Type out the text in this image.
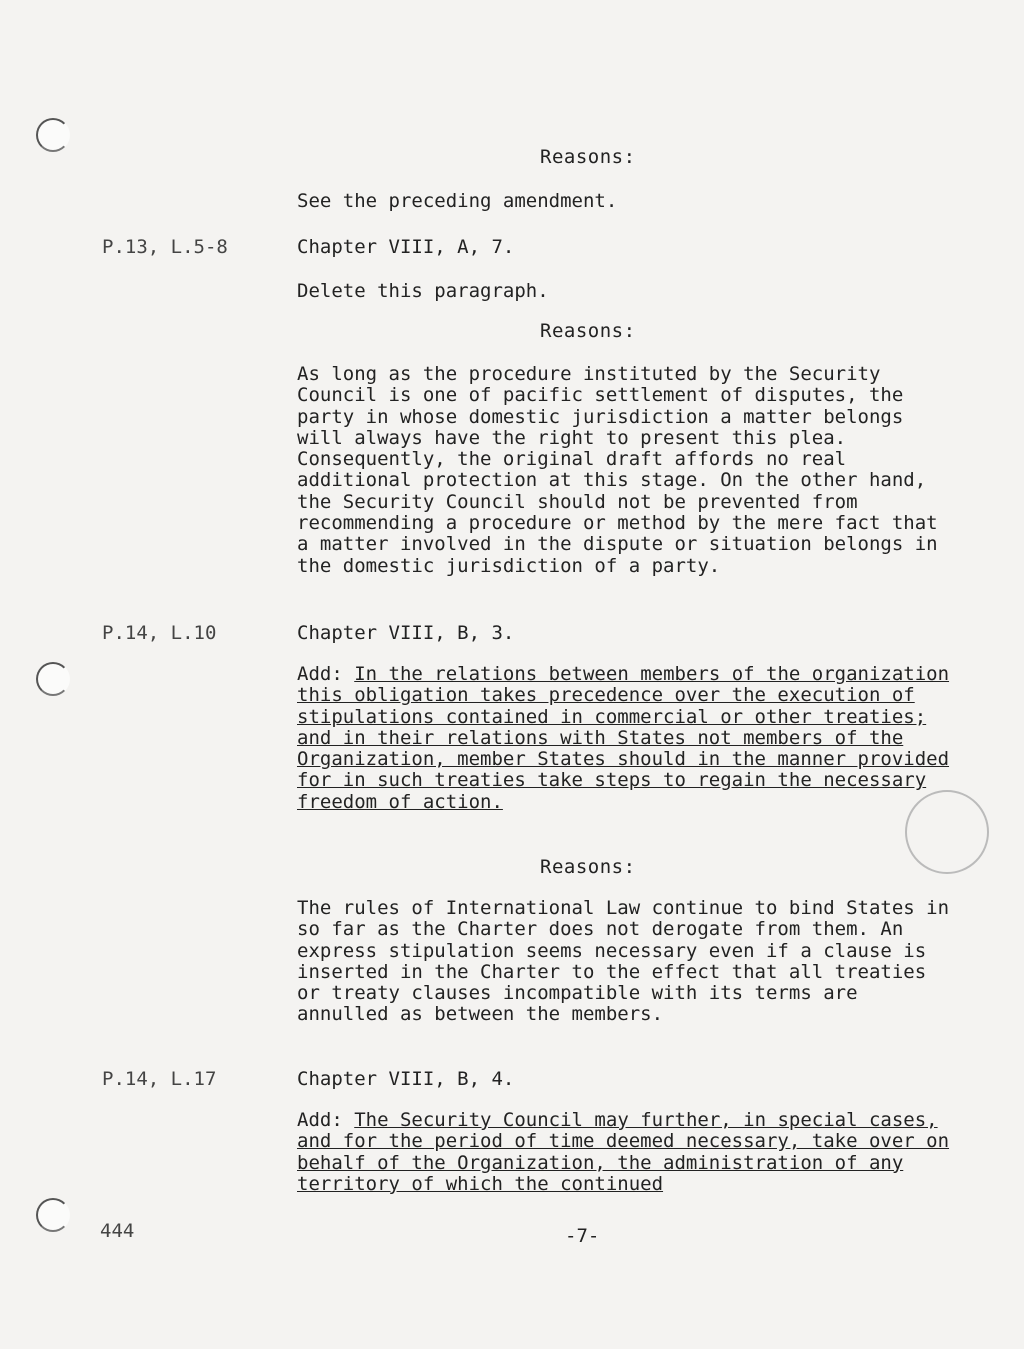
Reasons:
See the preceding amendment.
P.13, L.5-8	Chapter VIII, A, 7.
Delete this paragraph.
Reasons:
As long as the procedure instituted by the Security Council is one of pacific settlement of disputes, the party in whose domestic jurisdiction a matter belongs will always have the right to present this plea. Consequently, the original draft affords no real additional protection at this stage. On the other hand, the Security Council should not be prevented from recommending a procedure or method by the mere fact that a matter involved in the dispute or situation belongs in the domestic jurisdiction of a party.
P.14, L.10	Chapter VIII, B, 3.
Add: In the relations between members of the organization this obligation takes precedence over the execution of stipulations contained in commercial or other treaties; and in their relations with States not members of the Organization, member States should in the manner provided for in such treaties take steps to regain the necessary freedom of action.
Reasons:
The rules of International Law continue to bind States in so far as the Charter does not derogate from them. An express stipulation seems necessary even if a clause is inserted in the Charter to the effect that all treaties or treaty clauses incompatible with its terms are annulled as between the members.
P.14, L.17	Chapter VIII, B, 4.
Add: The Security Council may further, in special cases, and for the period of time deemed necessary, take over on behalf of the Organization, the administration of any territory of which the continued
444	-7-
